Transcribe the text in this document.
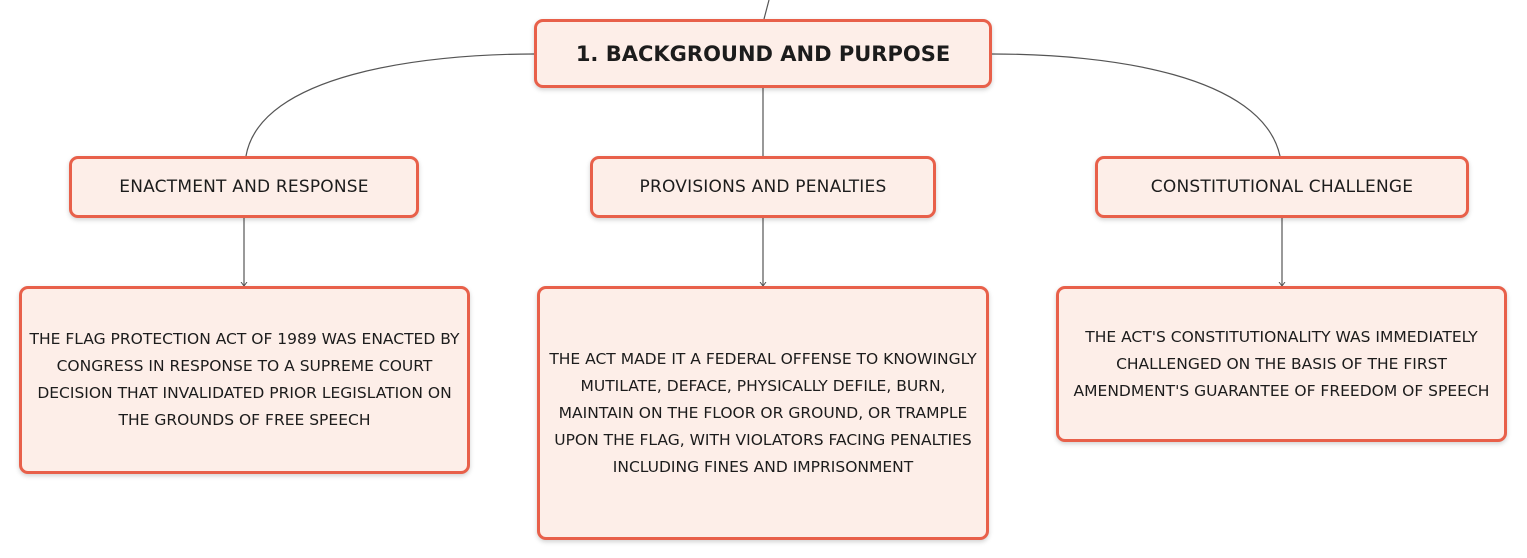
1. BACKGROUND AND PURPOSE
ENACTMENT AND RESPONSE	PROVISIONS AND PENALTIES	CONSTITUTIONAL CHALLENGE
THE FLAG PROTECTION ACT OF 1989 WAS ENACTED BY CONGRESS IN RESPONSE TO A SUPREME COURT DECISION THAT INVALIDATED PRIOR LEGISLATION ON THE GROUNDS OF FREE SPEECH
THE ACT MADE IT A FEDERAL OFFENSE TO KNOWINGLY MUTILATE, DEFACE, PHYSICALLY DEFILE, BURN, MAINTAIN ON THE FLOOR OR GROUND, OR TRAMPLE UPON THE FLAG, WITH VIOLATORS FACING PENALTIES INCLUDING FINES AND IMPRISONMENT
THE ACT'S CONSTITUTIONALITY WAS IMMEDIATELY CHALLENGED ON THE BASIS OF THE FIRST AMENDMENT'S GUARANTEE OF FREEDOM OF SPEECH
